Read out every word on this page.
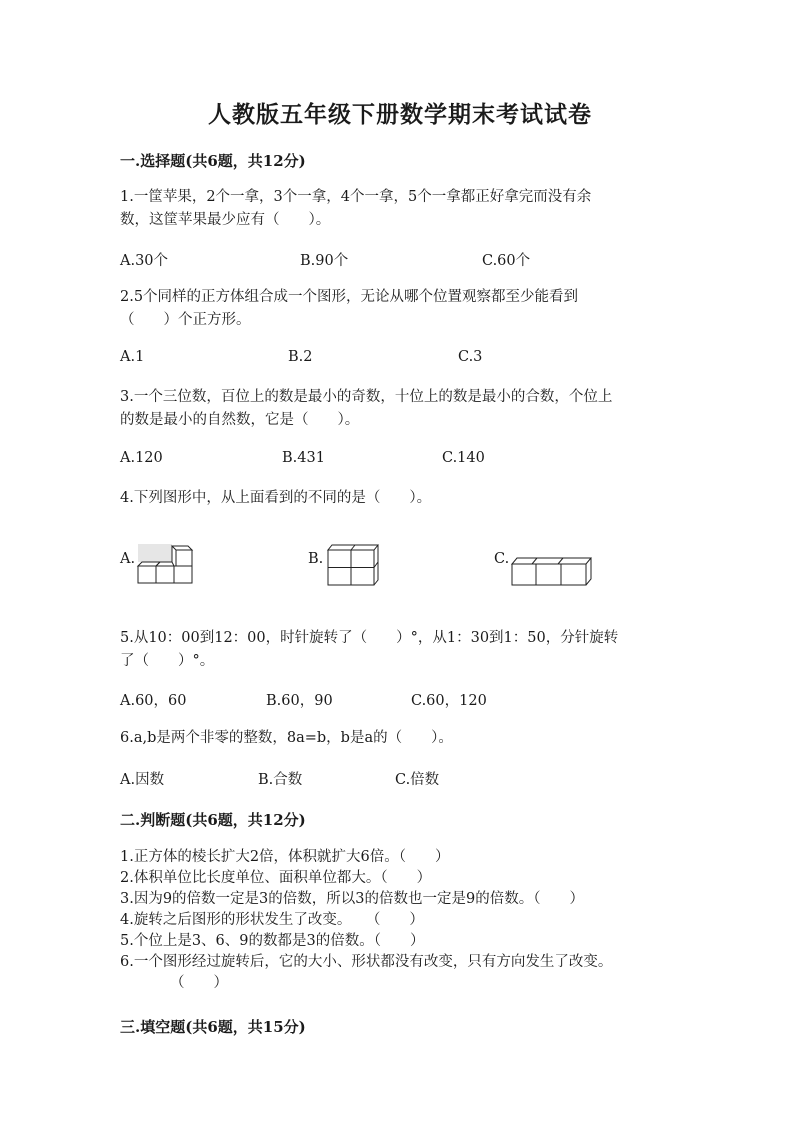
人教版五年级下册数学期末考试试卷
一.选择题(共6题，共12分)
1.一筐苹果，2个一拿，3个一拿，4个一拿，5个一拿都正好拿完而没有余
数，这筐苹果最少应有（　　）。
A.30个	B.90个	C.60个
2.5个同样的正方体组合成一个图形，无论从哪个位置观察都至少能看到
（　　）个正方形。
A.1	B.2	C.3
3.一个三位数，百位上的数是最小的奇数，十位上的数是最小的合数，个位上
的数是最小的自然数，它是（　　）。
A.120	B.431	C.140
4.下列图形中，从上面看到的不同的是（　　）。
A.	B.	C.
5.从10：00到12：00，时针旋转了（　　）°，从1：30到1：50，分针旋转
了（　　）°。
A.60，60	B.60，90	C.60，120
6.a,b是两个非零的整数，8a=b，b是a的（　　）。
A.因数	B.合数	C.倍数
二.判断题(共6题，共12分)
1.正方体的棱长扩大2倍，体积就扩大6倍。（　　）
2.体积单位比长度单位、面积单位都大。（　　）
3.因为9的倍数一定是3的倍数，所以3的倍数也一定是9的倍数。（　　）
4.旋转之后图形的形状发生了改变。　　（　　）
5.个位上是3、6、9的数都是3的倍数。（　　）
6.一个图形经过旋转后，它的大小、形状都没有改变，只有方向发生了改变。
（　　）
三.填空题(共6题，共15分)
